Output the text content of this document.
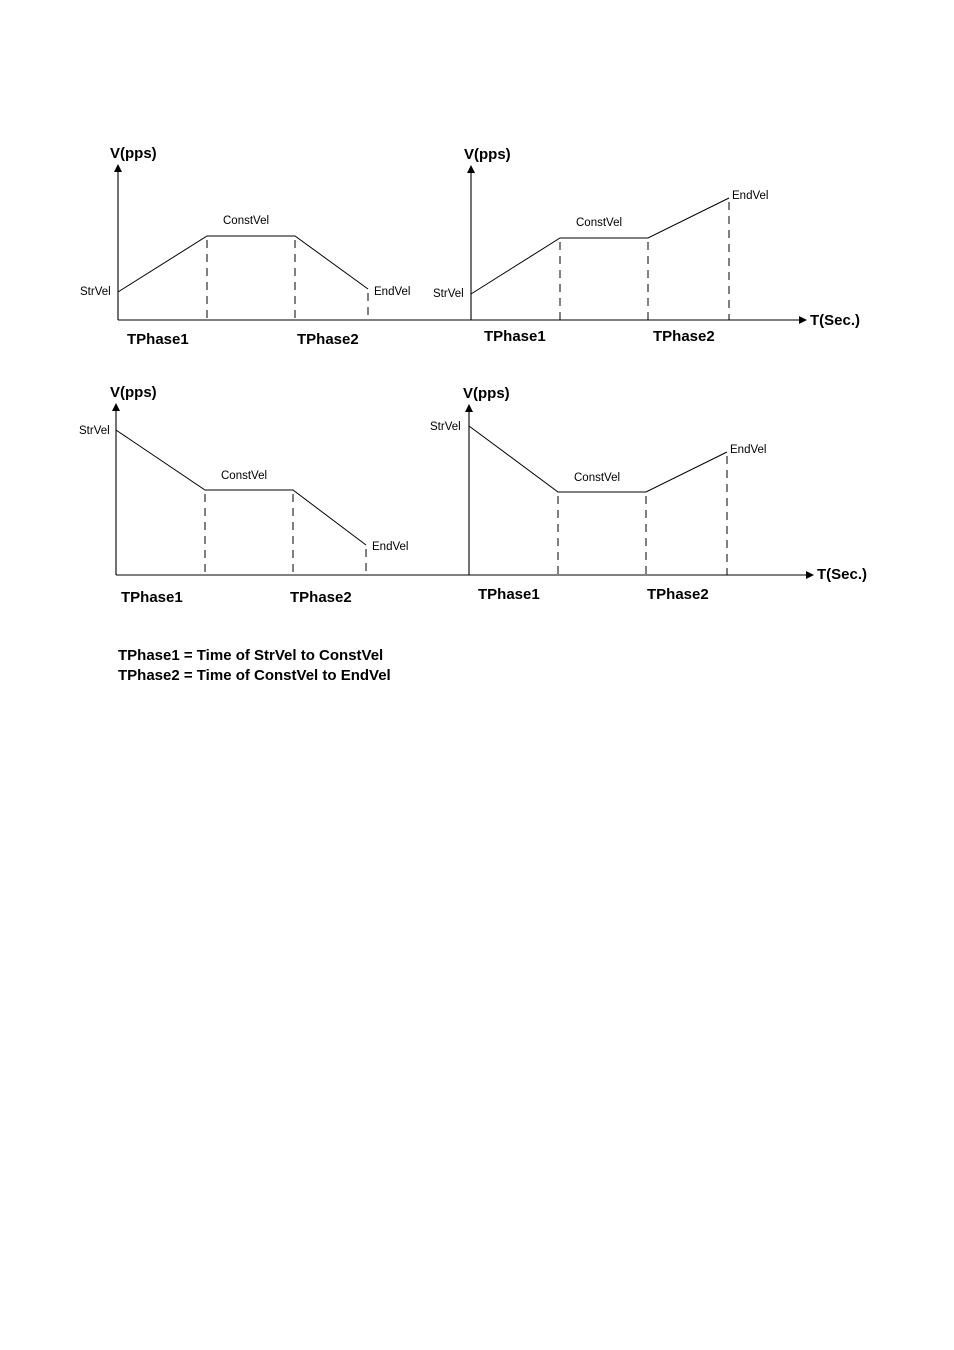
V(pps)
StrVel
ConstVel
EndVel
TPhase1	TPhase2
V(pps)
StrVel
ConstVel
EndVel
TPhase1	TPhase2
T(Sec.)
V(pps)
StrVel
ConstVel
EndVel
TPhase1	TPhase2
V(pps)
StrVel
ConstVel
EndVel
TPhase1	TPhase2
T(Sec.)
TPhase1 = Time of StrVel to ConstVel
TPhase2 = Time of ConstVel to EndVel
